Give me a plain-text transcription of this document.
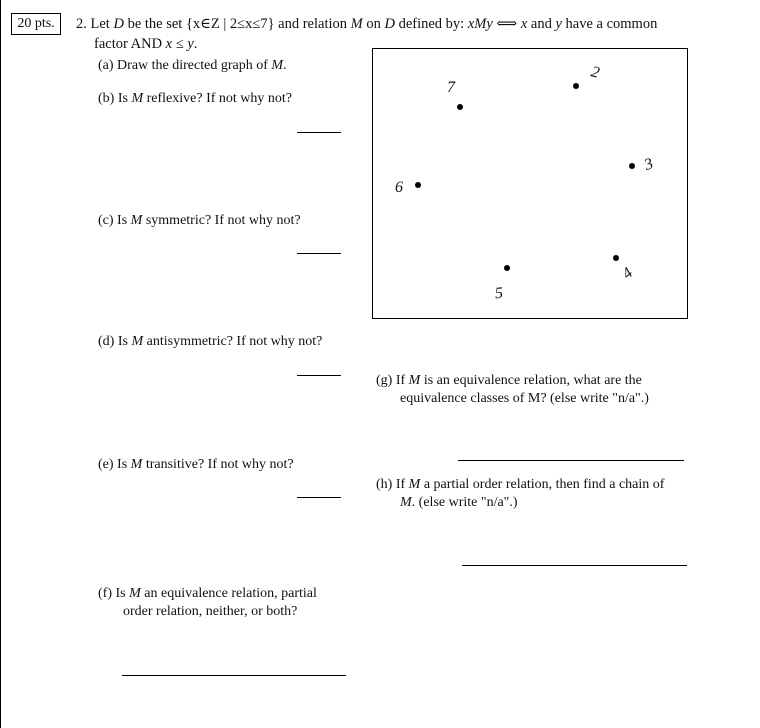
20 pts.	2. Let D be the set {x∈Z | 2≤x≤7} and relation M on D defined by: xMy ⟺ x and y have a common
factor AND x ≤ y.
(a) Draw the directed graph of M.
(b) Is M reflexive? If not why not?
(c) Is M symmetric? If not why not?
(d) Is M antisymmetric? If not why not?
(e) Is M transitive? If not why not?
(f) Is M an equivalence relation, partial
order relation, neither, or both?
7
2
3
6
4
5
(g) If M is an equivalence relation, what are the
equivalence classes of M? (else write "n/a".)
(h) If M a partial order relation, then find a chain of
M. (else write "n/a".)
